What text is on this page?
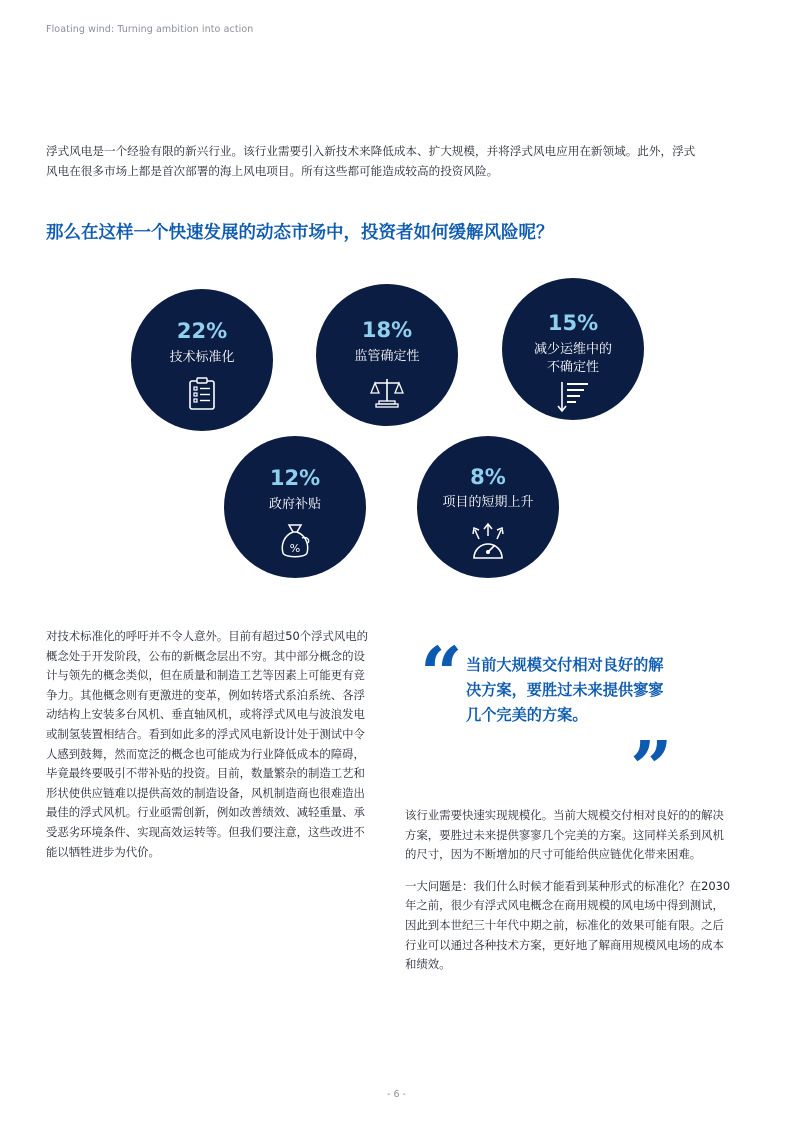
Floating wind: Turning ambition into action

浮式风电是一个经验有限的新兴行业。该行业需要引入新技术来降低成本、扩大规模，并将浮式风电应用在新领域。此外，浮式风电在很多市场上都是首次部署的海上风电项目。所有这些都可能造成较高的投资风险。

那么在这样一个快速发展的动态市场中，投资者如何缓解风险呢？
22%
技术标准化
18%
监管确定性
15%
减少运维中的
不确定性
12%
政府补贴
%
8%
项目的短期上升

对技术标准化的呼吁并不令人意外。目前有超过50个浮式风电的概念处于开发阶段，公布的新概念层出不穷。其中部分概念的设计与领先的概念类似，但在质量和制造工艺等因素上可能更有竞争力。其他概念则有更激进的变革，例如转塔式系泊系统、各浮动结构上安装多台风机、垂直轴风机，或将浮式风电与波浪发电或制氢装置相结合。看到如此多的浮式风电新设计处于测试中令人感到鼓舞，然而宽泛的概念也可能成为行业降低成本的障碍，毕竟最终要吸引不带补贴的投资。目前，数量繁杂的制造工艺和形状使供应链难以提供高效的制造设备，风机制造商也很难造出最佳的浮式风机。行业亟需创新，例如改善绩效、减轻重量、承受恶劣环境条件、实现高效运转等。但我们要注意，这些改进不能以牺牲进步为代价。

“ 当前大规模交付相对良好的解
决方案，要胜过未来提供寥寥
几个完美的方案。
”

该行业需要快速实现规模化。当前大规模交付相对良好的的解决方案，要胜过未来提供寥寥几个完美的方案。这同样关系到风机的尺寸，因为不断增加的尺寸可能给供应链优化带来困难。

一大问题是：我们什么时候才能看到某种形式的标准化？在2030年之前，很少有浮式风电概念在商用规模的风电场中得到测试，因此到本世纪三十年代中期之前，标准化的效果可能有限。之后行业可以通过各种技术方案，更好地了解商用规模风电场的成本和绩效。

- 6 -
